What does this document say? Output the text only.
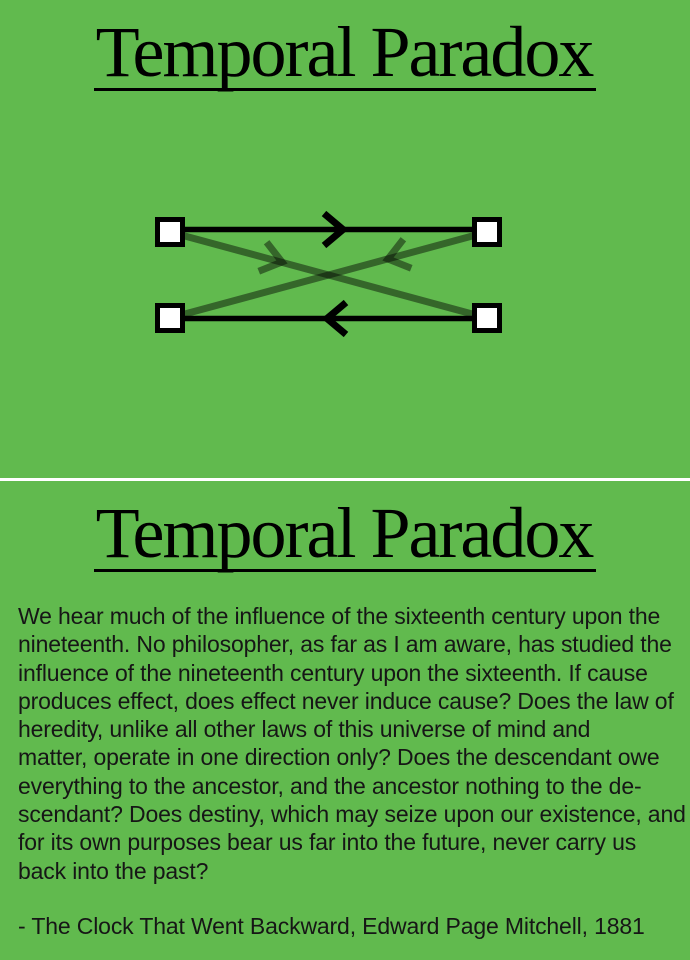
Temporal Paradox
Temporal Paradox
We hear much of the influence of the sixteenth century upon the
nineteenth. No philosopher, as far as I am aware, has studied the
influence of the nineteenth century upon the sixteenth. If cause
produces effect, does effect never induce cause? Does the law of
heredity, unlike all other laws of this universe of mind and
matter, operate in one direction only? Does the descendant owe
everything to the ancestor, and the ancestor nothing to the de-
scendant? Does destiny, which may seize upon our existence, and
for its own purposes bear us far into the future, never carry us
back into the past?
- The Clock That Went Backward, Edward Page Mitchell, 1881
